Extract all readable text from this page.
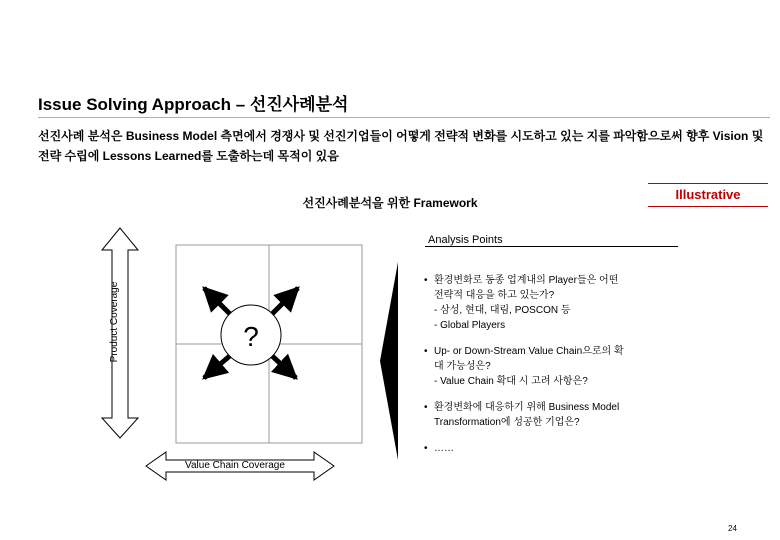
Issue Solving Approach – 선진사례분석
선진사례 분석은 Business Model 측면에서 경쟁사 및 선진기업들이 어떻게 전략적 변화를 시도하고 있는 지를 파악함으로써 향후 Vision 및 전략 수립에 Lessons Learned를 도출하는데 목적이 있음
선진사례분석을 위한 Framework
Illustrative
?
Product Coverage
Value Chain Coverage
Analysis Points
• 환경변화로 동종 업계내의 Player들은 어떤
전략적 대응을 하고 있는가?
- 삼성, 현대, 대림, POSCON 등
- Global Players
• Up- or Down-Stream Value Chain으로의 확
대 가능성은?
- Value Chain 확대 시 고려 사항은?
• 환경변화에 대응하기 위해 Business Model
Transformation에 성공한 기업은?
• ……
24
